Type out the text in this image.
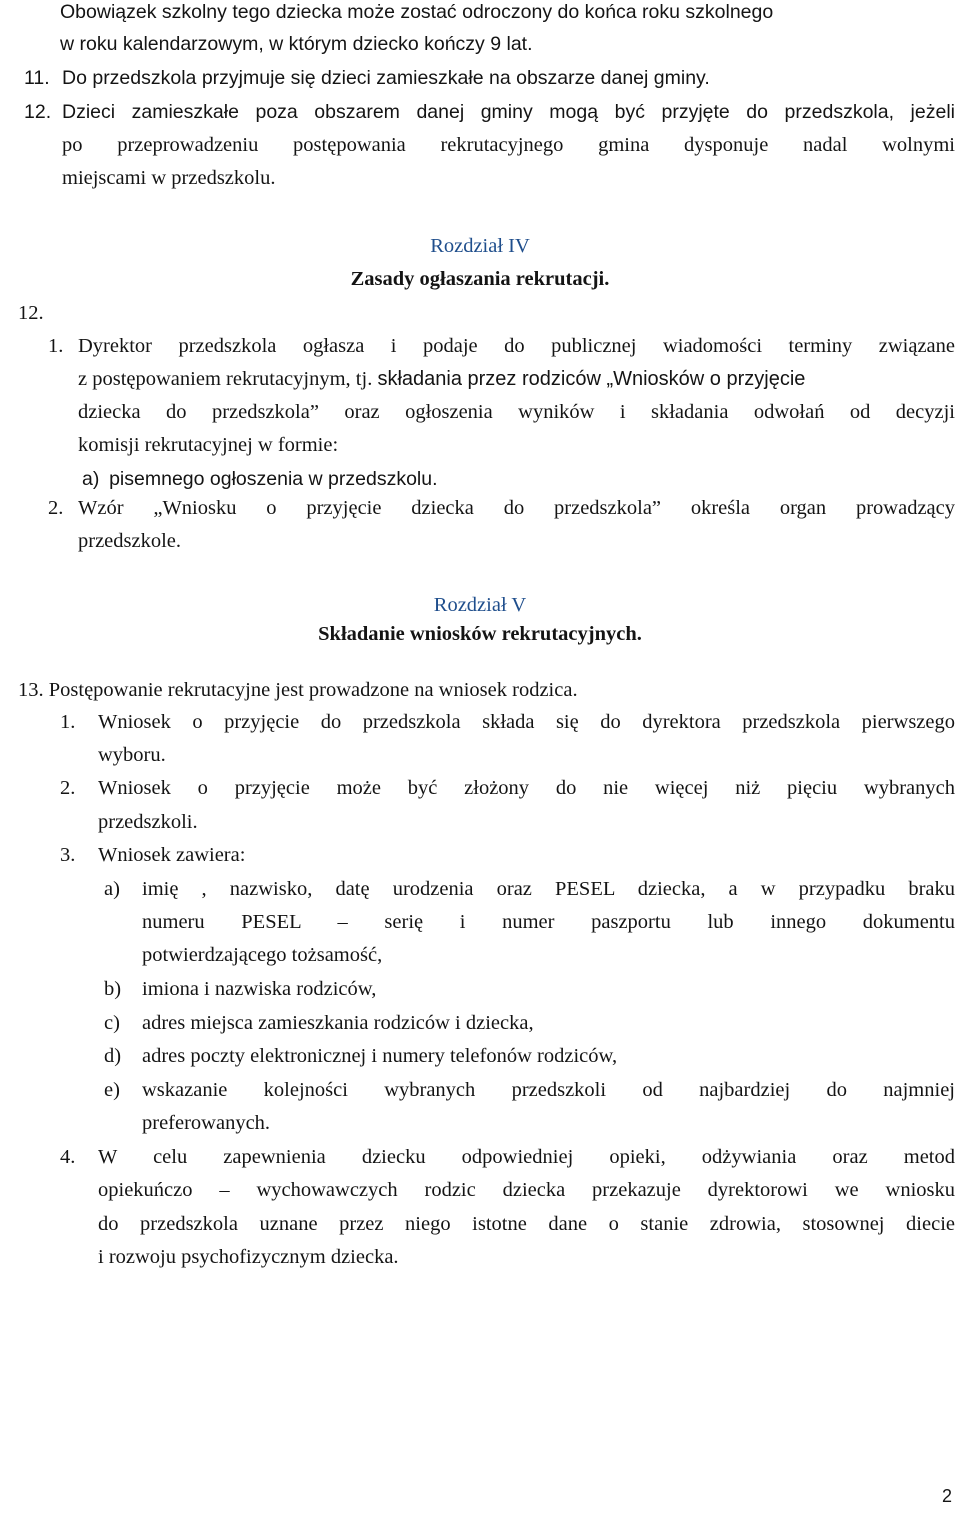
Obowiązek szkolny tego dziecka może zostać odroczony do końca roku szkolnego
w roku kalendarzowym, w którym dziecko kończy 9 lat.
11. Do przedszkola przyjmuje się dzieci zamieszkałe na obszarze danej gminy.
12. Dzieci zamieszkałe poza obszarem danej gminy mogą być przyjęte do przedszkola, jeżeli
po przeprowadzeniu postępowania rekrutacyjnego gmina dysponuje nadal wolnymi
miejscami w przedszkolu.
Rozdział IV
Zasady ogłaszania rekrutacji.
12.
1. Dyrektor przedszkola ogłasza i podaje do publicznej wiadomości terminy związane
z postępowaniem rekrutacyjnym, tj. składania przez rodziców „Wniosków o przyjęcie
dziecka do przedszkola” oraz ogłoszenia wyników i składania odwołań od decyzji
komisji rekrutacyjnej w formie:
a) pisemnego ogłoszenia w przedszkolu.
2. Wzór „Wniosku o przyjęcie dziecka do przedszkola” określa organ prowadzący
przedszkole.
Rozdział V
Składanie wniosków rekrutacyjnych.
13. Postępowanie rekrutacyjne jest prowadzone na wniosek rodzica.
1. Wniosek o przyjęcie do przedszkola składa się do dyrektora przedszkola pierwszego
wyboru.
2. Wniosek o przyjęcie może być złożony do nie więcej niż pięciu wybranych
przedszkoli.
3. Wniosek zawiera:
a) imię , nazwisko, datę urodzenia oraz PESEL dziecka, a w przypadku braku
numeru PESEL – serię i numer paszportu lub innego dokumentu
potwierdzającego tożsamość,
b) imiona i nazwiska rodziców,
c) adres miejsca zamieszkania rodziców i dziecka,
d) adres poczty elektronicznej i numery telefonów rodziców,
e) wskazanie kolejności wybranych przedszkoli od najbardziej do najmniej
preferowanych.
4. W celu zapewnienia dziecku odpowiedniej opieki, odżywiania oraz metod
opiekuńczo – wychowawczych rodzic dziecka przekazuje dyrektorowi we wniosku
do przedszkola uznane przez niego istotne dane o stanie zdrowia, stosownej diecie
i rozwoju psychofizycznym dziecka.
2
